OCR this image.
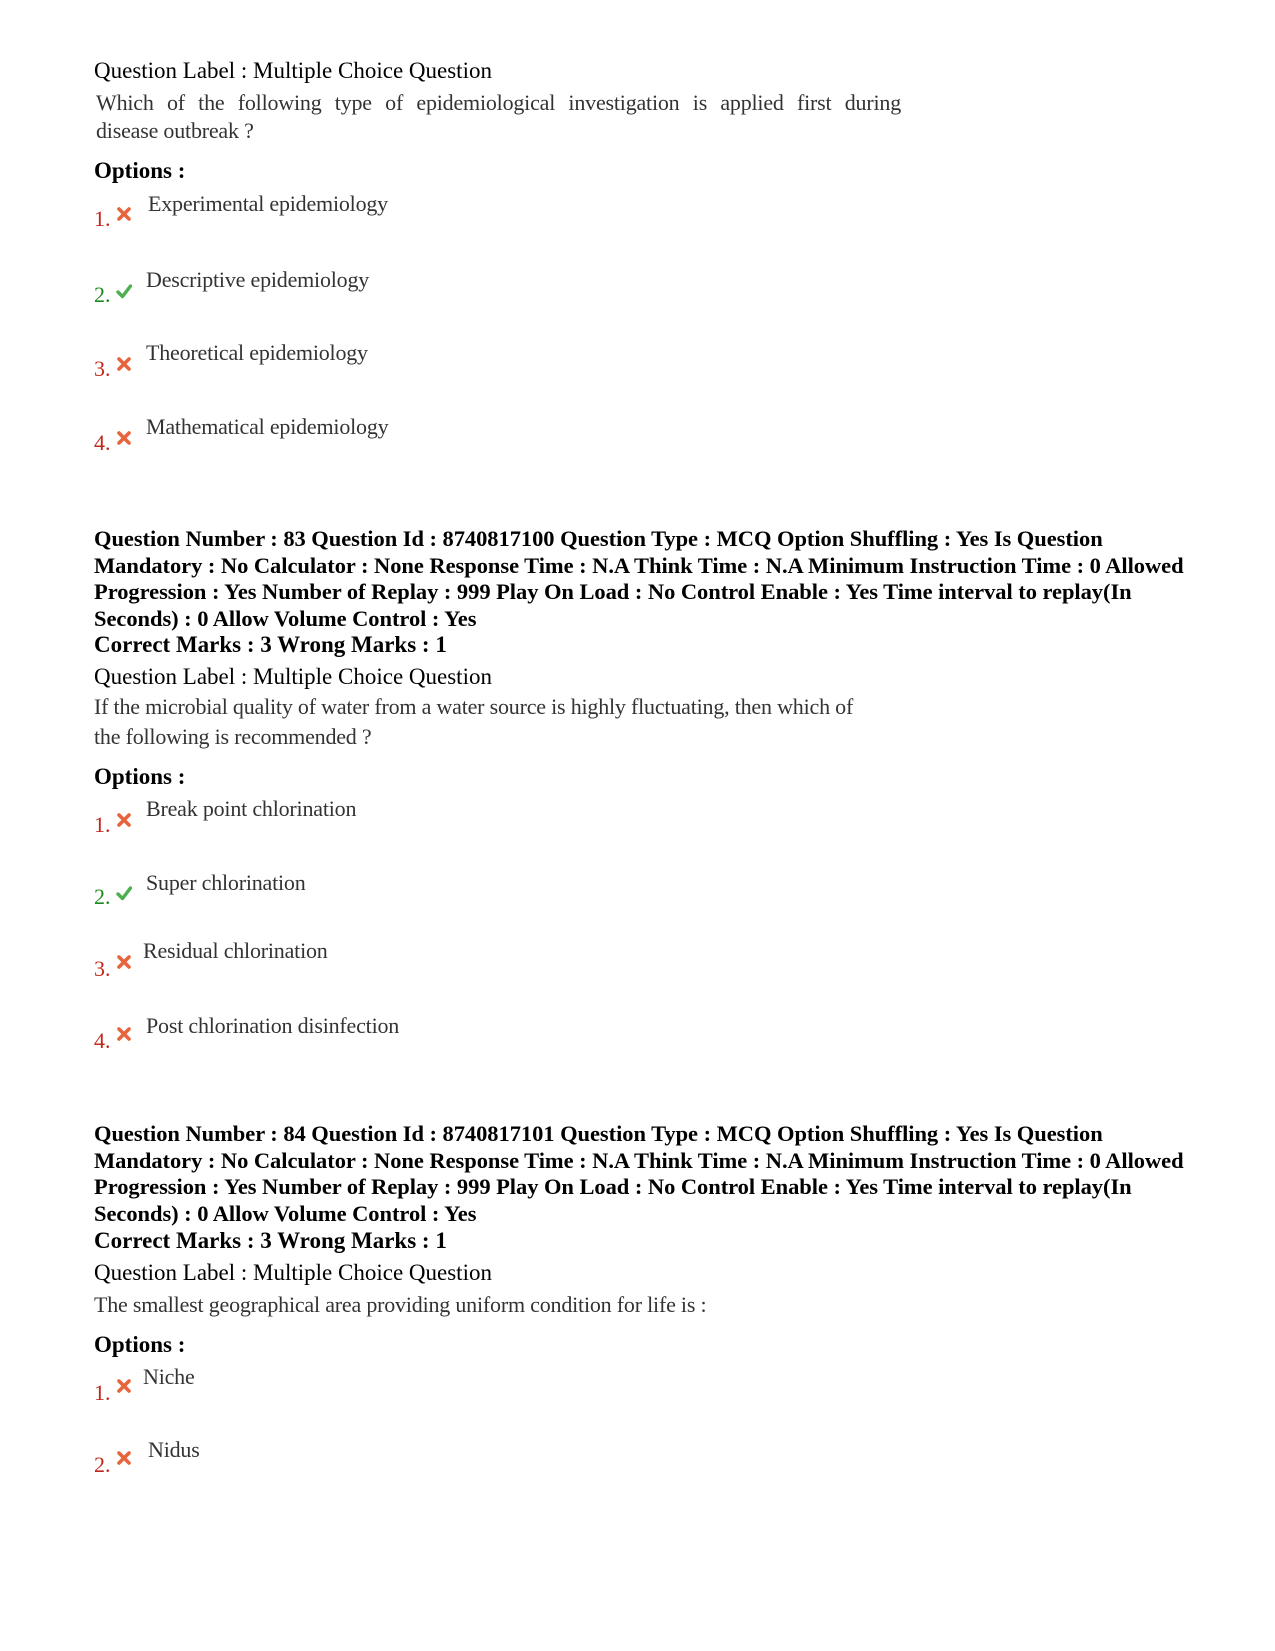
Question Label : Multiple Choice Question
Which of the following type of epidemiological investigation is applied first during
disease outbreak ?
Options :
1.
Experimental epidemiology
2.
Descriptive epidemiology
3.
Theoretical epidemiology
4.
Mathematical epidemiology
Question Number : 83 Question Id : 8740817100 Question Type : MCQ Option Shuffling : Yes Is Question Mandatory : No Calculator : None Response Time : N.A Think Time : N.A Minimum Instruction Time : 0 Allowed Progression : Yes Number of Replay : 999 Play On Load : No Control Enable : Yes Time interval to replay(In Seconds) : 0 Allow Volume Control : Yes
Correct Marks : 3 Wrong Marks : 1
Question Label : Multiple Choice Question
If the microbial quality of water from a water source is highly fluctuating, then which of
the following is recommended ?
Options :
1.
Break point chlorination
2.
Super chlorination
3.
Residual chlorination
4.
Post chlorination disinfection
Question Number : 84 Question Id : 8740817101 Question Type : MCQ Option Shuffling : Yes Is Question Mandatory : No Calculator : None Response Time : N.A Think Time : N.A Minimum Instruction Time : 0 Allowed Progression : Yes Number of Replay : 999 Play On Load : No Control Enable : Yes Time interval to replay(In Seconds) : 0 Allow Volume Control : Yes
Correct Marks : 3 Wrong Marks : 1
Question Label : Multiple Choice Question
The smallest geographical area providing uniform condition for life is :
Options :
1.
Niche
2.
Nidus
